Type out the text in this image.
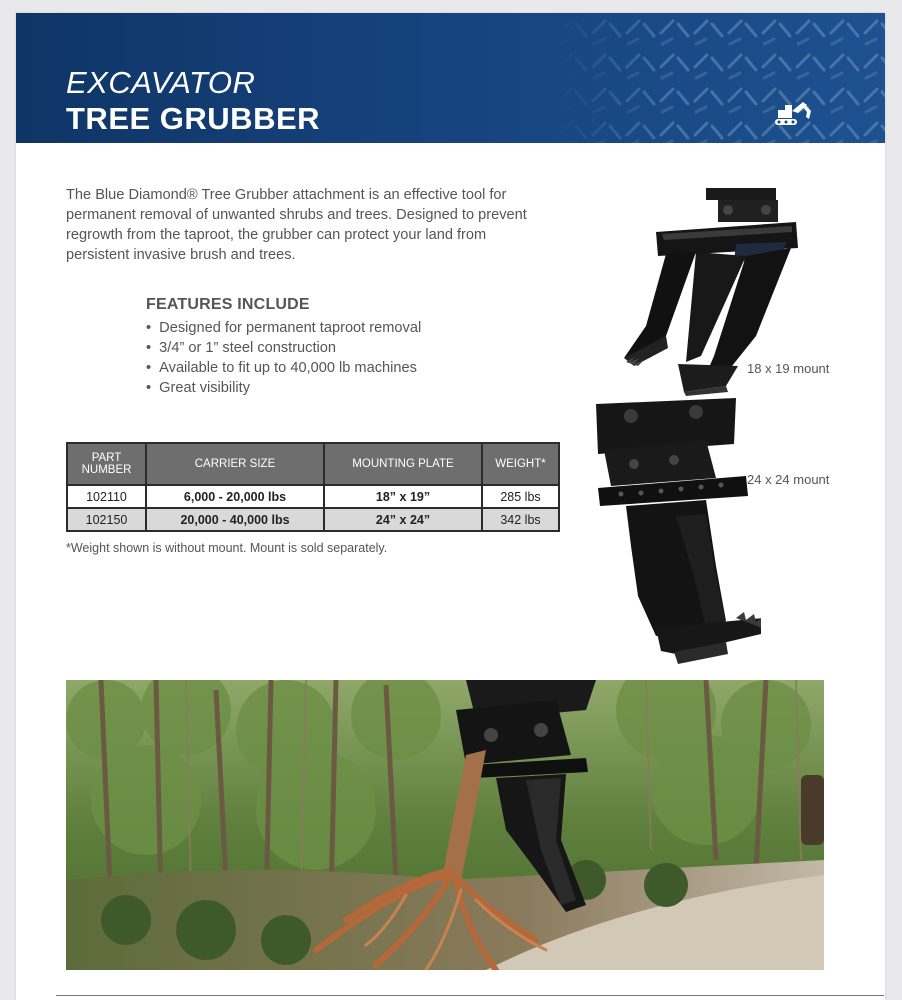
EXCAVATOR
TREE GRUBBER
The Blue Diamond® Tree Grubber attachment is an effective tool for permanent removal of unwanted shrubs and trees. Designed to prevent regrowth from the taproot, the grubber can protect your land from persistent invasive brush and trees.
FEATURES INCLUDE
• Designed for permanent taproot removal
• 3/4” or 1” steel construction
• Available to fit up to 40,000 lb machines
• Great visibility
PART NUMBER	CARRIER SIZE	MOUNTING PLATE	WEIGHT*
102110	6,000 - 20,000 lbs	18” x 19”	285 lbs
102150	20,000 - 40,000 lbs	24” x 24”	342 lbs
*Weight shown is without mount. Mount is sold separately.
18 x 19 mount
24 x 24 mount
